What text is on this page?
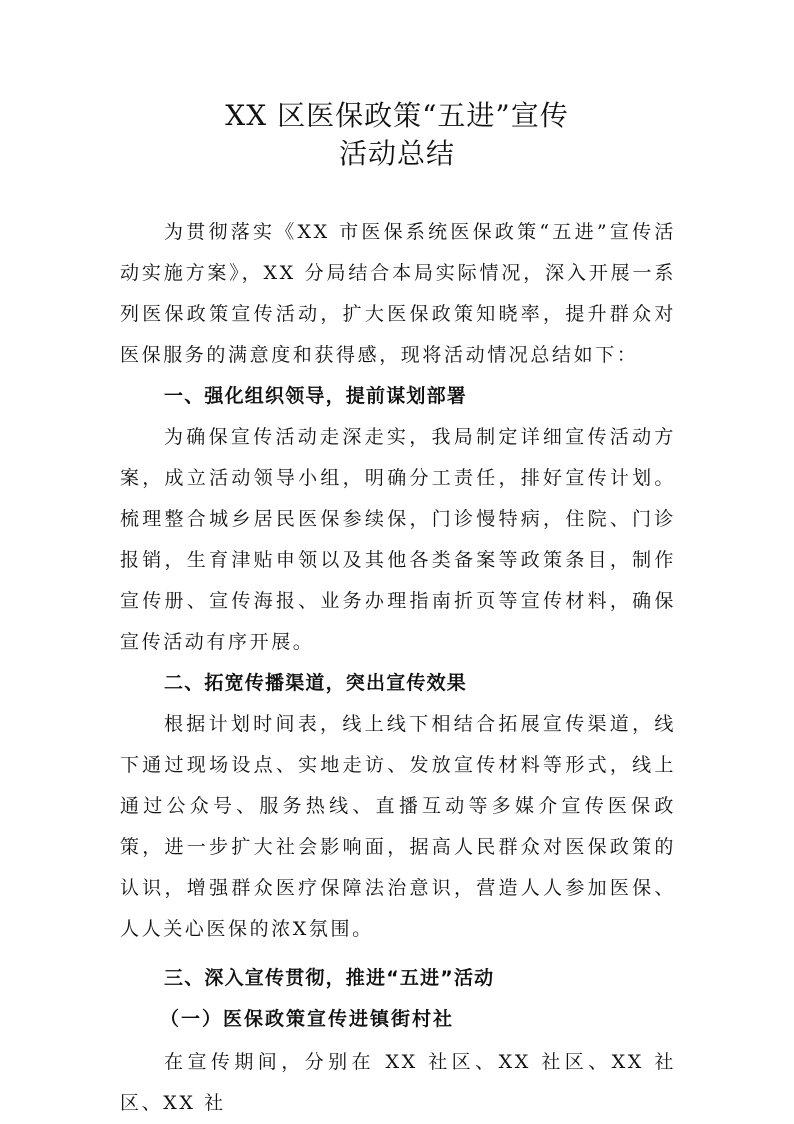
XX 区医保政策“五进”宣传
活动总结

为贯彻落实《XX 市医保系统医保政策“五进”宣传活动实施方案》，XX 分局结合本局实际情况，深入开展一系列医保政策宣传活动，扩大医保政策知晓率，提升群众对医保服务的满意度和获得感，现将活动情况总结如下：

一、强化组织领导，提前谋划部署

为确保宣传活动走深走实，我局制定详细宣传活动方案，成立活动领导小组，明确分工责任，排好宣传计划。梳理整合城乡居民医保参续保，门诊慢特病，住院、门诊报销，生育津贴申领以及其他各类备案等政策条目，制作宣传册、宣传海报、业务办理指南折页等宣传材料，确保宣传活动有序开展。

二、拓宽传播渠道，突出宣传效果

根据计划时间表，线上线下相结合拓展宣传渠道，线下通过现场设点、实地走访、发放宣传材料等形式，线上通过公众号、服务热线、直播互动等多媒介宣传医保政策，进一步扩大社会影响面，据高人民群众对医保政策的认识，增强群众医疗保障法治意识，营造人人参加医保、人人关心医保的浓X氛围。

三、深入宣传贯彻，推进“五进”活动
（一）医保政策宣传进镇街村社

在宣传期间，分别在 XX 社区、XX 社区、XX 社区、XX 社
